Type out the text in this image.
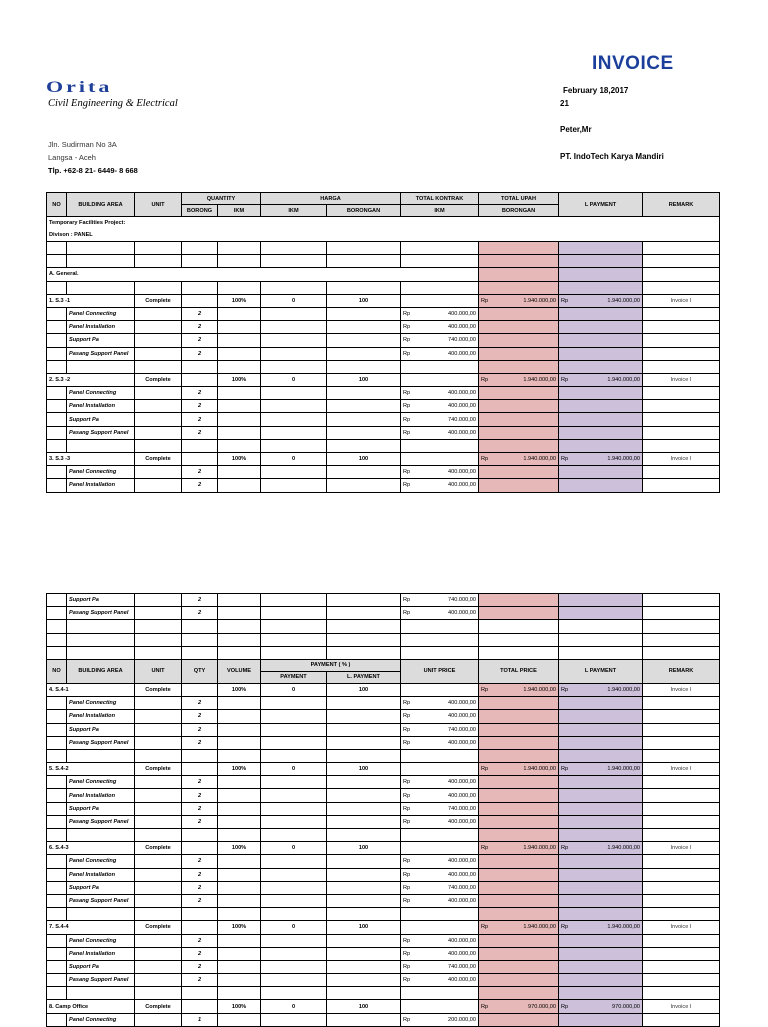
Orita
Civil Engineering & Electrical
Jln. Sudirman No 3A
Langsa - Aceh
Tlp. +62-8 21- 6449- 8 668
INVOICE
February 18,2017
21
Peter,Mr
PT. IndoTech Karya Mandiri
NO	BUILDING AREA	UNIT	QUANTITY		HARGA		TOTAL KONTRAK	TOTAL UPAH	L PAYMENT	REMARK
			BORONG	IKM	IKM	BORONGAN	IKM	BORONGAN		

Temporary Facilities Project:
Divison : PANEL										

A. General.										

1. S.3 -1		Complete		100%	0	100		Rp 1.940.000,00	Rp 1.940.000,00	Invoice I
	Panel Connecting		2				Rp 400.000,00			

	Panel Installation		2				Rp 400.000,00			

	Support Pa		2				Rp 740.000,00			

	Pasang Support Panel		2				Rp 400.000,00			

2. S.3 -2		Complete		100%	0	100		Rp 1.940.000,00	Rp 1.940.000,00	Invoice I
	Panel Connecting		2				Rp 400.000,00			

	Panel Installation		2				Rp 400.000,00			

	Support Pa		2				Rp 740.000,00			

	Pasang Support Panel		2				Rp 400.000,00			

3. S.3 -3		Complete		100%	0	100		Rp 1.940.000,00	Rp 1.940.000,00	Invoice I
	Panel Connecting		2				Rp 400.000,00			

	Panel Installation		2				Rp 400.000,00			

	Support Pa		2				Rp 740.000,00			

	Pasang Support Panel		2				Rp 400.000,00			

NO	BUILDING AREA	UNIT	QTY	VOLUME	PAYMENT ( % )		UNIT PRICE	TOTAL PRICE	L PAYMENT	REMARK
					PAYMENT	L. PAYMENT				
4. S.4-1		Complete		100%	0	100		Rp 1.940.000,00	Rp 1.940.000,00	Invoice I
	Panel Connecting		2				Rp 400.000,00			

	Panel Installation		2				Rp 400.000,00			

	Support Pa		2				Rp 740.000,00			

	Pasang Support Panel		2				Rp 400.000,00			

5. S.4-2		Complete		100%	0	100		Rp 1.940.000,00	Rp 1.940.000,00	Invoice I
	Panel Connecting		2				Rp 400.000,00			

	Panel Installation		2				Rp 400.000,00			

	Support Pa		2				Rp 740.000,00			

	Pasang Support Panel		2				Rp 400.000,00			

6. S.4-3		Complete		100%	0	100		Rp 1.940.000,00	Rp 1.940.000,00	Invoice I
	Panel Connecting		2				Rp 400.000,00			

	Panel Installation		2				Rp 400.000,00			

	Support Pa		2				Rp 740.000,00			

	Pasang Support Panel		2				Rp 400.000,00			

7. S.4-4		Complete		100%	0	100		Rp 1.940.000,00	Rp 1.940.000,00	Invoice I
	Panel Connecting		2				Rp 400.000,00			

	Panel Installation		2				Rp 400.000,00			

	Support Pa		2				Rp 740.000,00			

	Pasang Support Panel		2				Rp 400.000,00			

8. Camp Office		Complete		100%	0	100		Rp 970.000,00	Rp 970.000,00	Invoice I
	Panel Connecting		1				Rp 200.000,00			
